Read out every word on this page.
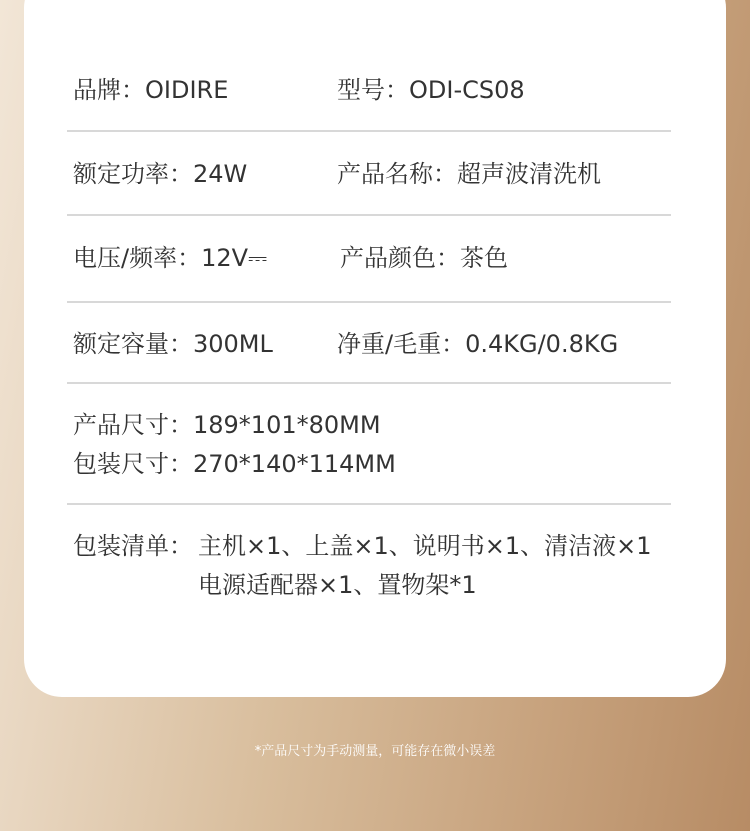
品牌：OIDIRE	型号：ODI-CS08
额定功率：24W	产品名称：超声波清洗机
电压/频率：12V⎓	产品颜色：茶色
额定容量：300ML	净重/毛重：0.4KG/0.8KG
产品尺寸：189*101*80MM
包装尺寸：270*140*114MM
包装清单： 主机×1、上盖×1、说明书×1、清洁液×1
电源适配器×1、置物架*1
*产品尺寸为手动测量，可能存在微小误差
